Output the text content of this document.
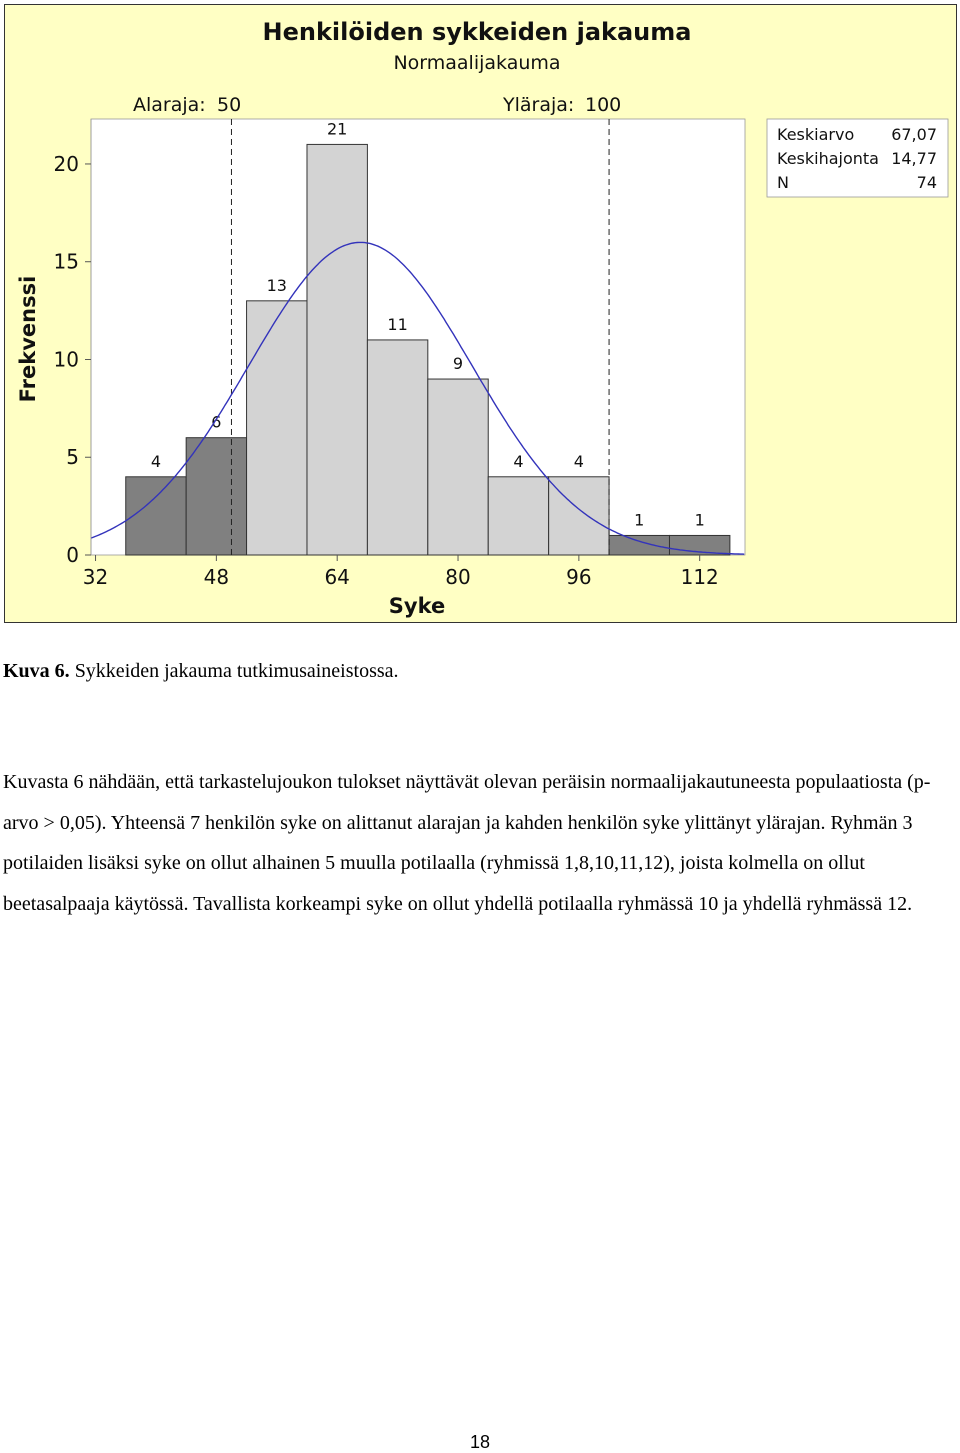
Henkilöiden sykkeiden jakauma
Normaalijakauma
4
6
13
21
11
9
4	4
1	1
Alaraja: 50	Yläraja: 100
0
5
10
15
20
32	48	64	80	96	112
Frekvenssi
Syke
Keskiarvo 67,07
Keskihajonta 14,77
N	74
Kuva 6. Sykkeiden jakauma tutkimusaineistossa.
Kuvasta 6 nähdään, että tarkastelujoukon tulokset näyttävät olevan peräisin normaalijakautuneesta populaatiosta (p-arvo > 0,05). Yhteensä 7 henkilön syke on alittanut alarajan ja kahden henkilön syke ylittänyt ylärajan. Ryhmän 3 potilaiden lisäksi syke on ollut alhainen 5 muulla potilaalla (ryhmissä 1,8,10,11,12), joista kolmella on ollut beetasalpaaja käytössä. Tavallista korkeampi syke on ollut yhdellä potilaalla ryhmässä 10 ja yhdellä ryhmässä 12.
18
